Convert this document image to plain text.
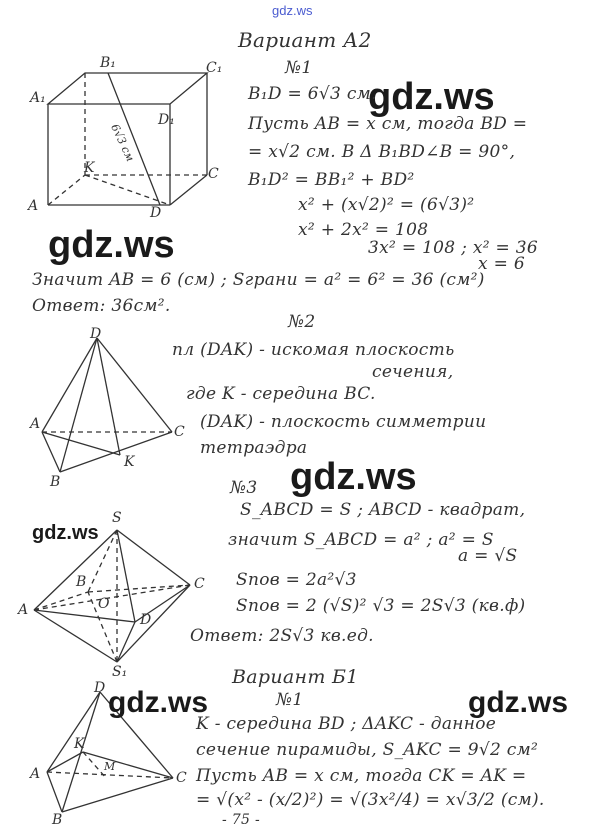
gdz.ws
gdz.ws
gdz.ws
gdz.ws
gdz.ws
gdz.ws	gdz.ws
Вариант А2
№1
B₁D = 6√3 см.
Пусть AB = x см, тогда BD =
= x√2 см. B Δ B₁BD∠B = 90°,
B₁D² = BB₁² + BD²
x² + (x√2)² = (6√3)²
x² + 2x² = 108
3x² = 108 ; x² = 36
x = 6
Значит AB = 6 (см) ; Sграни = a² = 6² = 36 (см²)
Ответ: 36см².
A₁
B₁	C₁
A
K	C
D
D₁
6√3 см
№2
пл (DAK) - искомая плоскость
сечения,
где K - середина BC.
(DAK) - плоскость симметрии
тетраэдра
D
A	C
B
K
№3
S_ABCD = S ; ABCD - квадрат,
значит S_ABCD = a² ; a² = S
a = √S
Sпов = 2a²√3
Sпов = 2 (√S)² √3 = 2S√3 (кв.ф)
Ответ: 2S√3 кв.ед.
S
B	C
A	O
D
S₁	Вариант Б1
№1
K - середина BD ; ΔAKC - данное
сечение пирамиды, S_AKC = 9√2 см²
Пусть AB = x см, тогда CK = AK =
= √(x² - (x/2)²) = √(3x²/4) = x√3/2 (см).
- 75 -
D
K
M
A	C
B
